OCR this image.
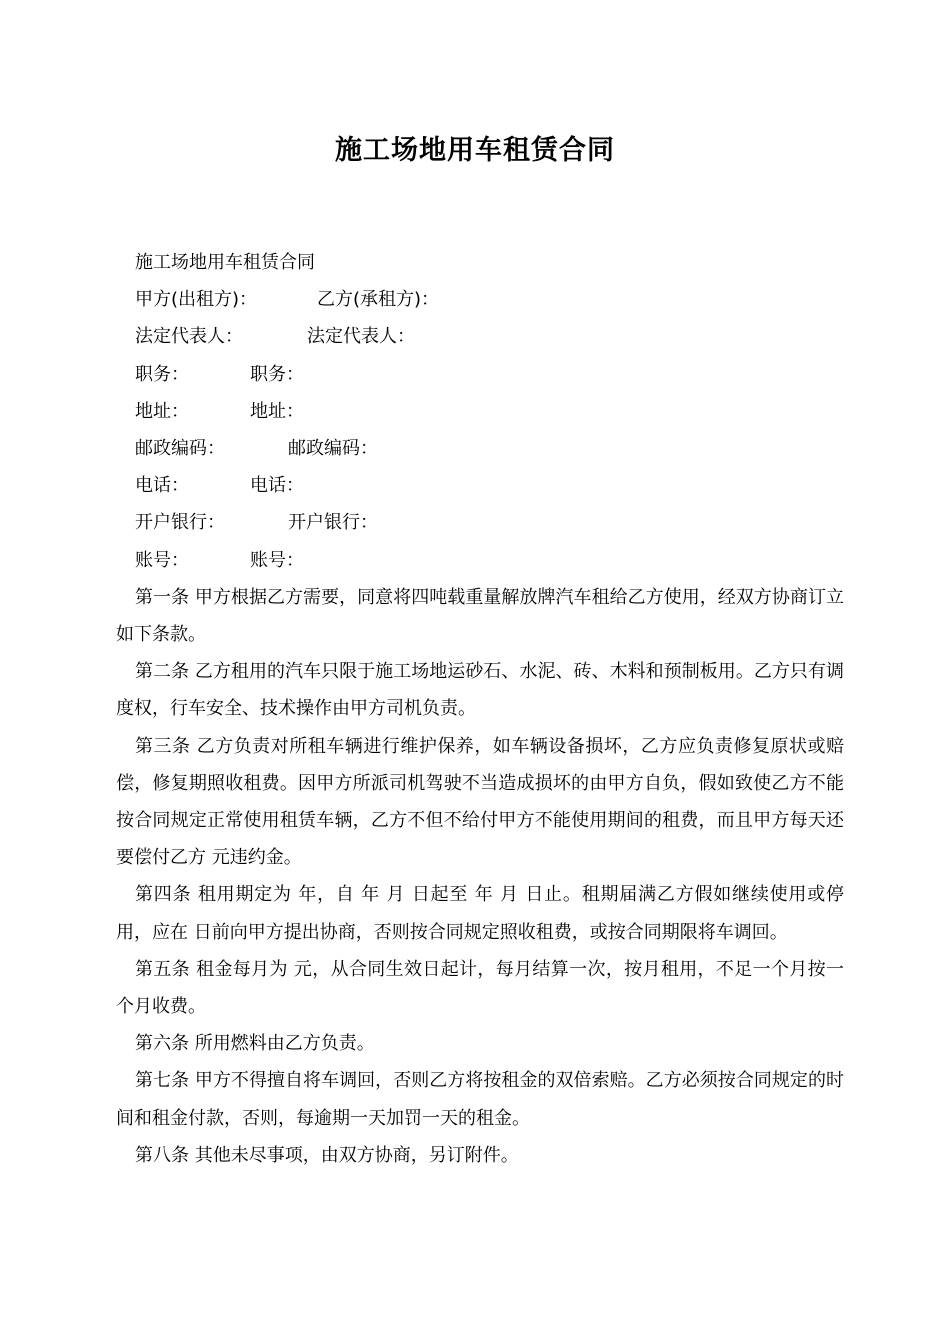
施工场地用车租赁合同
施工场地用车租赁合同
甲方(出租方)：	乙方(承租方)：
法定代表人：	法定代表人：
职务：	职务：
地址：	地址：
邮政编码：	邮政编码：
电话：	电话：
开户银行：	开户银行：
账号：	账号：
第一条 甲方根据乙方需要，同意将四吨载重量解放牌汽车租给乙方使用，经双方协商订立如下条款。
第二条 乙方租用的汽车只限于施工场地运砂石、水泥、砖、木料和预制板用。乙方只有调度权，行车安全、技术操作由甲方司机负责。
第三条 乙方负责对所租车辆进行维护保养，如车辆设备损坏，乙方应负责修复原状或赔偿，修复期照收租费。因甲方所派司机驾驶不当造成损坏的由甲方自负，假如致使乙方不能按合同规定正常使用租赁车辆，乙方不但不给付甲方不能使用期间的租费，而且甲方每天还要偿付乙方 元违约金。
第四条 租用期定为 年，自 年 月 日起至 年 月 日止。租期届满乙方假如继续使用或停用，应在 日前向甲方提出协商，否则按合同规定照收租费，或按合同期限将车调回。
第五条 租金每月为 元，从合同生效日起计，每月结算一次，按月租用，不足一个月按一个月收费。
第六条 所用燃料由乙方负责。
第七条 甲方不得擅自将车调回，否则乙方将按租金的双倍索赔。乙方必须按合同规定的时间和租金付款，否则，每逾期一天加罚一天的租金。
第八条 其他未尽事项，由双方协商，另订附件。
